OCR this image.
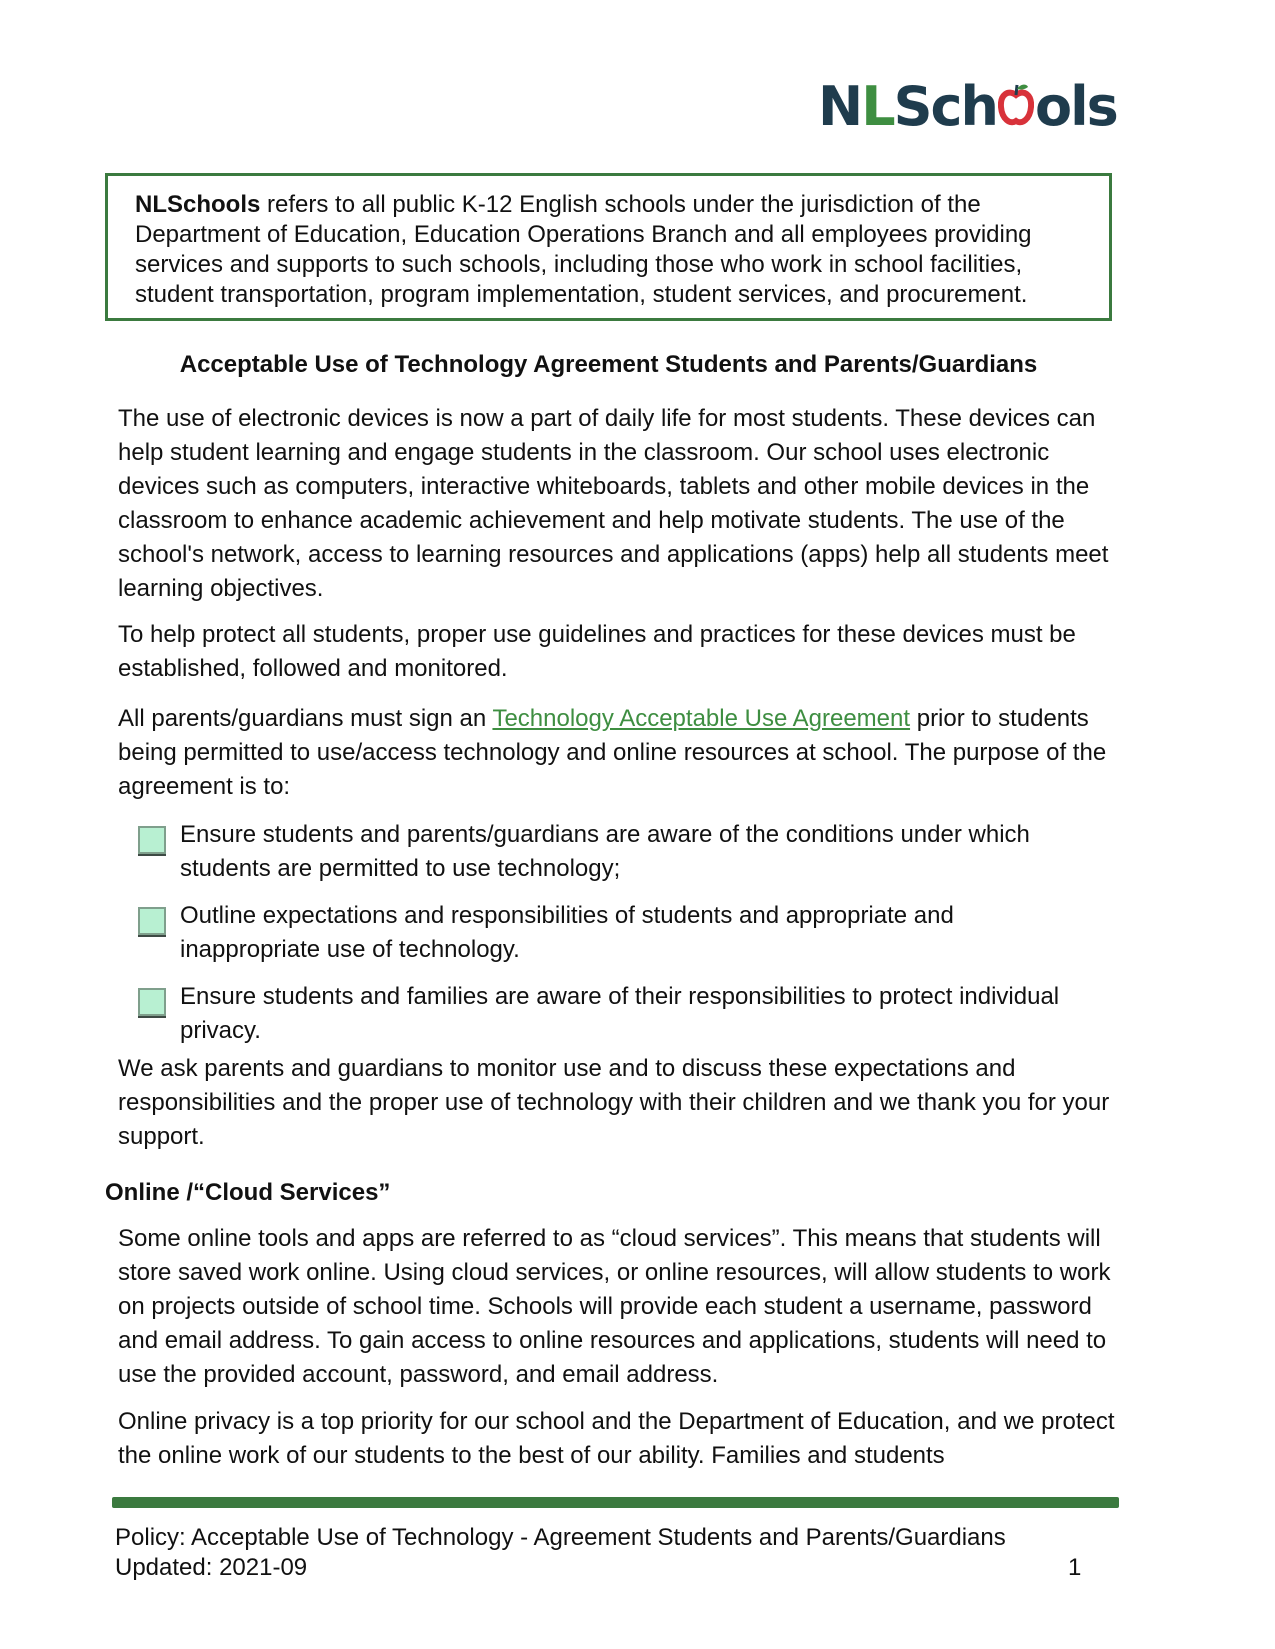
NLSch ols
NLSchools refers to all public K-12 English schools under the jurisdiction of the Department of Education, Education Operations Branch and all employees providing services and supports to such schools, including those who work in school facilities, student transportation, program implementation, student services, and procurement.
Acceptable Use of Technology Agreement Students and Parents/Guardians

The use of electronic devices is now a part of daily life for most students. These devices can help student learning and engage students in the classroom. Our school uses electronic devices such as computers, interactive whiteboards, tablets and other mobile devices in the classroom to enhance academic achievement and help motivate students. The use of the school's network, access to learning resources and applications (apps) help all students meet learning objectives.

To help protect all students, proper use guidelines and practices for these devices must be established, followed and monitored.

All parents/guardians must sign an Technology Acceptable Use Agreement prior to students being permitted to use/access technology and online resources at school. The purpose of the agreement is to:

Ensure students and parents/guardians are aware of the conditions under which students are permitted to use technology;
Outline expectations and responsibilities of students and appropriate and inappropriate use of technology.
Ensure students and families are aware of their responsibilities to protect individual privacy.

We ask parents and guardians to monitor use and to discuss these expectations and responsibilities and the proper use of technology with their children and we thank you for your support.

Online /“Cloud Services”

Some online tools and apps are referred to as “cloud services”. This means that students will store saved work online. Using cloud services, or online resources, will allow students to work on projects outside of school time. Schools will provide each student a username, password and email address. To gain access to online resources and applications, students will need to use the provided account, password, and email address.

Online privacy is a top priority for our school and the Department of Education, and we protect the online work of our students to the best of our ability. Families and students

Policy: Acceptable Use of Technology - Agreement Students and Parents/Guardians
Updated: 2021-09	1
